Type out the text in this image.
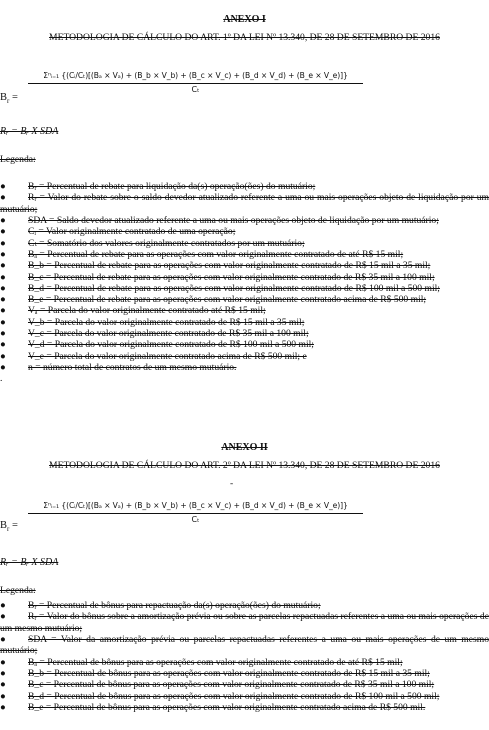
ANEXO I
METODOLOGIA DE CÁLCULO DO ART. 1º DA LEI Nº 13.340, DE 28 DE SETEMBRO DE 2016
$B_r$ =
Σⁿᵢ₌₁ {(Cᵢ/Cₜ)[(Bₐ × Vₐ) + (B_b × V_b) + (B_c × V_c) + (B_d × V_d) + (B_e × V_e)]}
Cₜ
Rᵣ = Bᵣ X SDA
Legenda:
● Bᵣ = Percentual de rebate para liquidação da(s) operação(ões) do mutuário;
● Rᵣ = Valor do rebate sobre o saldo devedor atualizado referente a uma ou mais operações objeto de liquidação por um mutuário;
● SDA = Saldo devedor atualizado referente a uma ou mais operações objeto de liquidação por um mutuário;
● Cᵢ = Valor originalmente contratado de uma operação;
● Cₜ = Somatório dos valores originalmente contratados por um mutuário;
● Bₐ = Percentual de rebate para as operações com valor originalmente contratado de até R$ 15 mil;
● B_b = Percentual de rebate para as operações com valor originalmente contratado de R$ 15 mil a 35 mil;
● B_c = Percentual de rebate para as operações com valor originalmente contratado de R$ 35 mil a 100 mil;
● B_d = Percentual de rebate para as operações com valor originalmente contratado de R$ 100 mil a 500 mil;
● B_e = Percentual de rebate para as operações com valor originalmente contratado acima de R$ 500 mil;
● Vₐ = Parcela do valor originalmente contratado até R$ 15 mil;
● V_b = Parcela do valor originalmente contratado de R$ 15 mil a 35 mil;
● V_c = Parcela do valor originalmente contratado de R$ 35 mil a 100 mil;
● V_d = Parcela do valor originalmente contratado de R$ 100 mil a 500 mil;
● V_e = Parcela do valor originalmente contratado acima de R$ 500 mil; e
● n = número total de contratos de um mesmo mutuário.
.
ANEXO II
METODOLOGIA DE CÁLCULO DO ART. 2º DA LEI Nº 13.340, DE 28 DE SETEMBRO DE 2016
-
$B_r$ =
Σⁿᵢ₌₁ {(Cᵢ/Cₜ)[(Bₐ × Vₐ) + (B_b × V_b) + (B_c × V_c) + (B_d × V_d) + (B_e × V_e)]}
Cₜ
Rᵣ = Bᵣ X SDA
Legenda:
● Bᵣ = Percentual de bônus para repactuação da(s) operação(ões) do mutuário;
● Rᵣ = Valor do bônus sobre a amortização prévia ou sobre as parcelas repactuadas referentes a uma ou mais operações de um mesmo mutuário;
● SDA = Valor da amortização prévia ou parcelas repactuadas referentes a uma ou mais operações de um mesmo mutuário;
● Bₐ = Percentual de bônus para as operações com valor originalmente contratado de até R$ 15 mil;
● B_b = Percentual de bônus para as operações com valor originalmente contratado de R$ 15 mil a 35 mil;
● B_c = Percentual de bônus para as operações com valor originalmente contratado de R$ 35 mil a 100 mil;
● B_d = Percentual de bônus para as operações com valor originalmente contratado de R$ 100 mil a 500 mil;
● B_e = Percentual de bônus para as operações com valor originalmente contratado acima de R$ 500 mil.
